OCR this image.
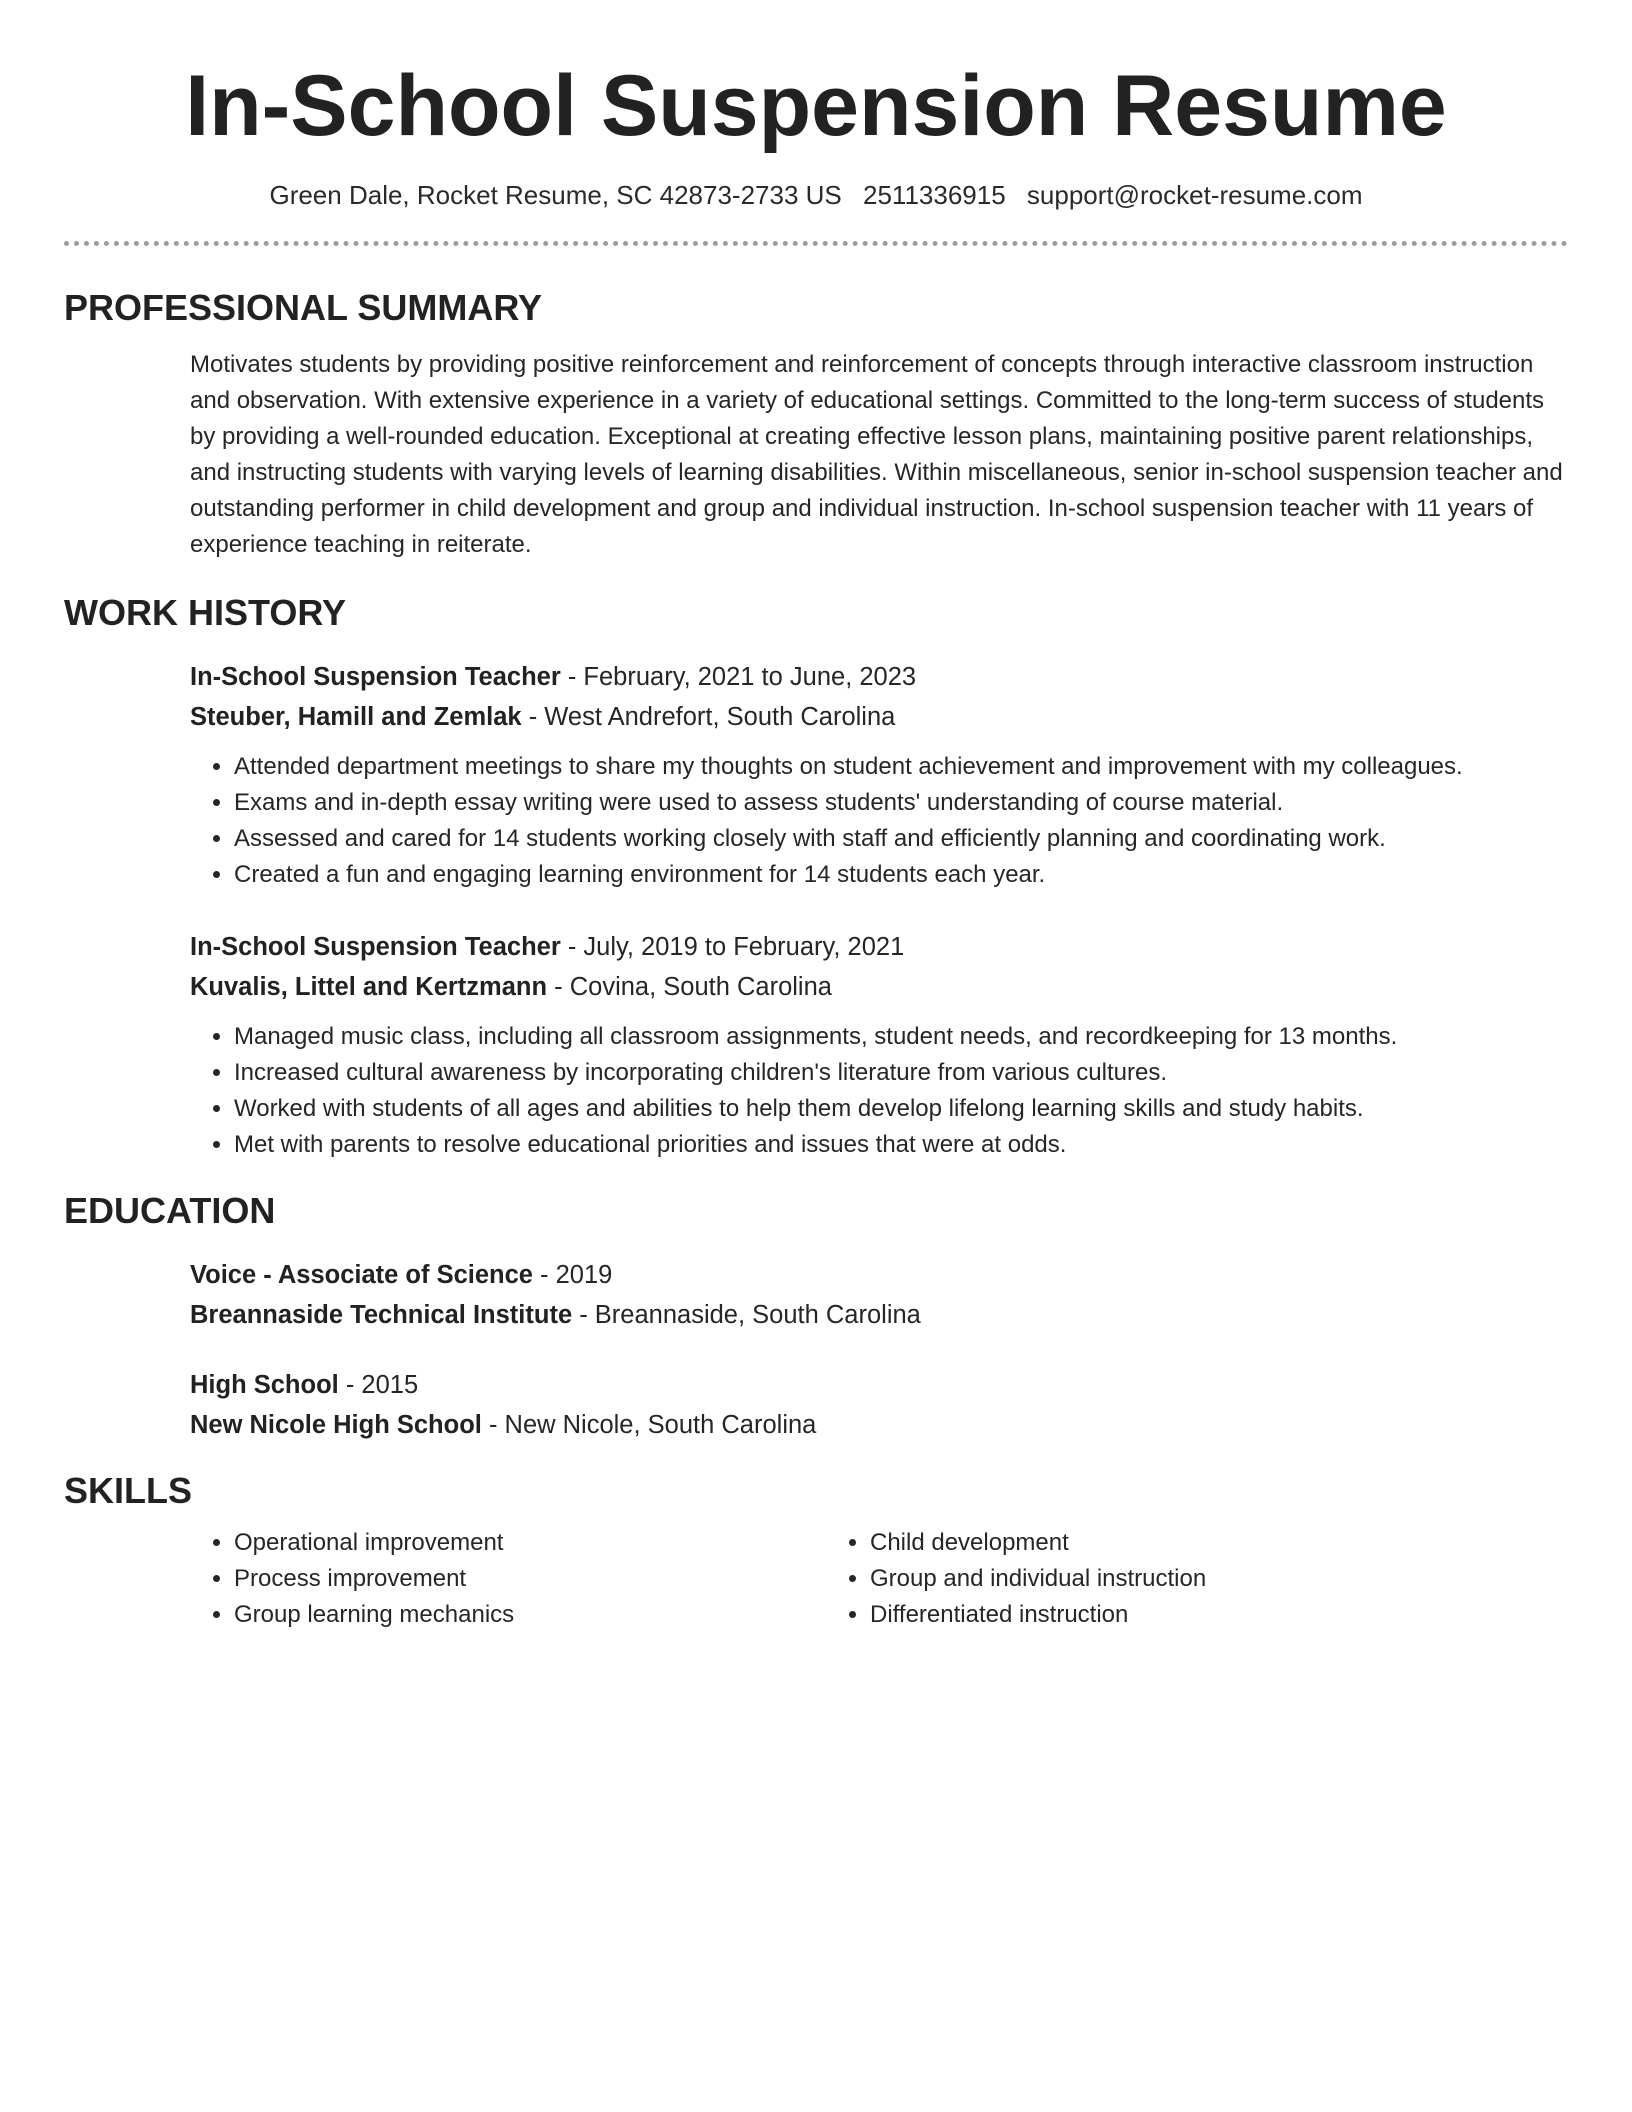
In-School Suspension Resume
Green Dale, Rocket Resume, SC 42873-2733 US 2511336915 support@rocket-resume.com
PROFESSIONAL SUMMARY

Motivates students by providing positive reinforcement and reinforcement of concepts through interactive classroom instruction and observation. With extensive experience in a variety of educational settings. Committed to the long-term success of students by providing a well-rounded education. Exceptional at creating effective lesson plans, maintaining positive parent relationships, and instructing students with varying levels of learning disabilities. Within miscellaneous, senior in-school suspension teacher and outstanding performer in child development and group and individual instruction. In-school suspension teacher with 11 years of experience teaching in reiterate.

WORK HISTORY
In-School Suspension Teacher - February, 2021 to June, 2023
Steuber, Hamill and Zemlak - West Andrefort, South Carolina
• Attended department meetings to share my thoughts on student achievement and improvement with my colleagues.
• Exams and in-depth essay writing were used to assess students' understanding of course material.
• Assessed and cared for 14 students working closely with staff and efficiently planning and coordinating work.
• Created a fun and engaging learning environment for 14 students each year.
In-School Suspension Teacher - July, 2019 to February, 2021
Kuvalis, Littel and Kertzmann - Covina, South Carolina
• Managed music class, including all classroom assignments, student needs, and recordkeeping for 13 months.
• Increased cultural awareness by incorporating children's literature from various cultures.
• Worked with students of all ages and abilities to help them develop lifelong learning skills and study habits.
• Met with parents to resolve educational priorities and issues that were at odds.
EDUCATION
Voice - Associate of Science - 2019
Breannaside Technical Institute - Breannaside, South Carolina
High School - 2015
New Nicole High School - New Nicole, South Carolina
SKILLS
• Operational improvement
• Process improvement
• Group learning mechanics
• Child development
• Group and individual instruction
• Differentiated instruction
